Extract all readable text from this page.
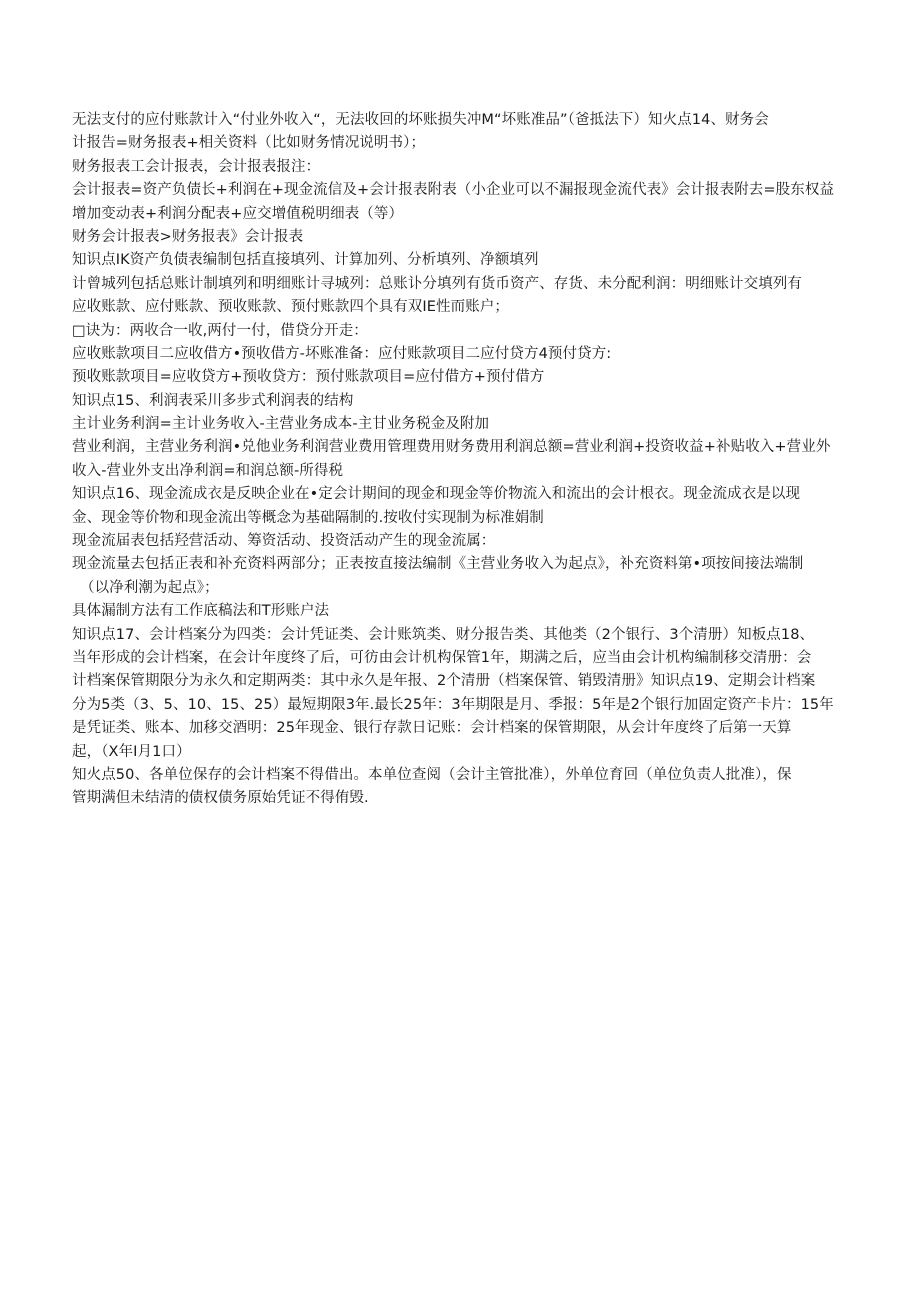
无法支付的应付账款计入“付业外收入“，无法收回的坏账损失冲M“坏账准品”（爸抵法下）知火点14、财务会
计报告=财务报表+相关资料（比如财务情况说明书）；
财务报表工会计报表，会计报表报注：
会计报表=资产负债长+利润在+现金流信及+会计报表附表（小企业可以不漏报现金流代表》会计报表附去=股东权益
增加变动表+利润分配表+应交增值税明细表（等）
财务会计报表>财务报表》会计报表
知识点IK资产负债表编制包括直接填列、计算加列、分析填列、净额填列
计曾城列包括总账计制填列和明细账计寻城列：总账讣分填列有货币资产、存货、未分配利润：明细账计交填列有
应收账款、应付账款、预收账款、预付账款四个具有双IE性而账户；
□诀为：两收合一收,两付一付，借贷分开走：
应收账款项目二应收借方•预收借方-坏账准备：应付账款项目二应付贷方4预付贷方:
预收账款项目=应收贷方+预收贷方：预付账款项目=应付借方+预付借方
知识点15、利润表采川多步式利润表的结构
主计业务利润=主计业务收入-主营业务成本-主甘业务税金及附加
营业利润，主营业务利润•兑他业务利润营业费用管理费用财务费用利润总额=营业利润+投资收益+补贴收入+营业外
收入-营业外支出净利润=和润总额-所得税
知识点16、现金流成衣是反映企业在•定会计期间的现金和现金等价物流入和流出的会计根衣。现金流成衣是以现
金、现金等价物和现金流出等概念为基础隔制的.按收付实现制为标准娟制
现金流届表包括羟营活动、筹资活动、投资活动产生的现金流属：
现金流量去包括正表和补充资料两部分；正表按直接法编制《主营业务收入为起点》，补充资料第•项按间接法端制
（以净利潮为起点》；
具体漏制方法有工作底稿法和T形账户法
知识点17、会计档案分为四类：会计凭证类、会计账筑类、财分报告类、其他类（2个银行、3个清册）知板点18、
当年形成的会计档案，在会计年度终了后，可彷由会计机构保管1年，期满之后，应当由会计机构编制移交清册：会
计档案保管期限分为永久和定期两类：其中永久是年报、2个清册（档案保管、销毁清册》知识点19、定期会计档案
分为5类（3、5、10、15、25）最短期限3年.最长25年：3年期限是月、季报：5年是2个银行加固定资产卡片：15年
是凭证类、账本、加移交酒明：25年现金、银行存款日记账：会计档案的保管期限，从会计年度终了后第一天算
起，（X年I月1口）
知火点50、各单位保存的会计档案不得借出。本单位查阅（会计主管批准），外单位育回（单位负责人批准），保
管期满但未结清的债权债务原始凭证不得侑毁.
